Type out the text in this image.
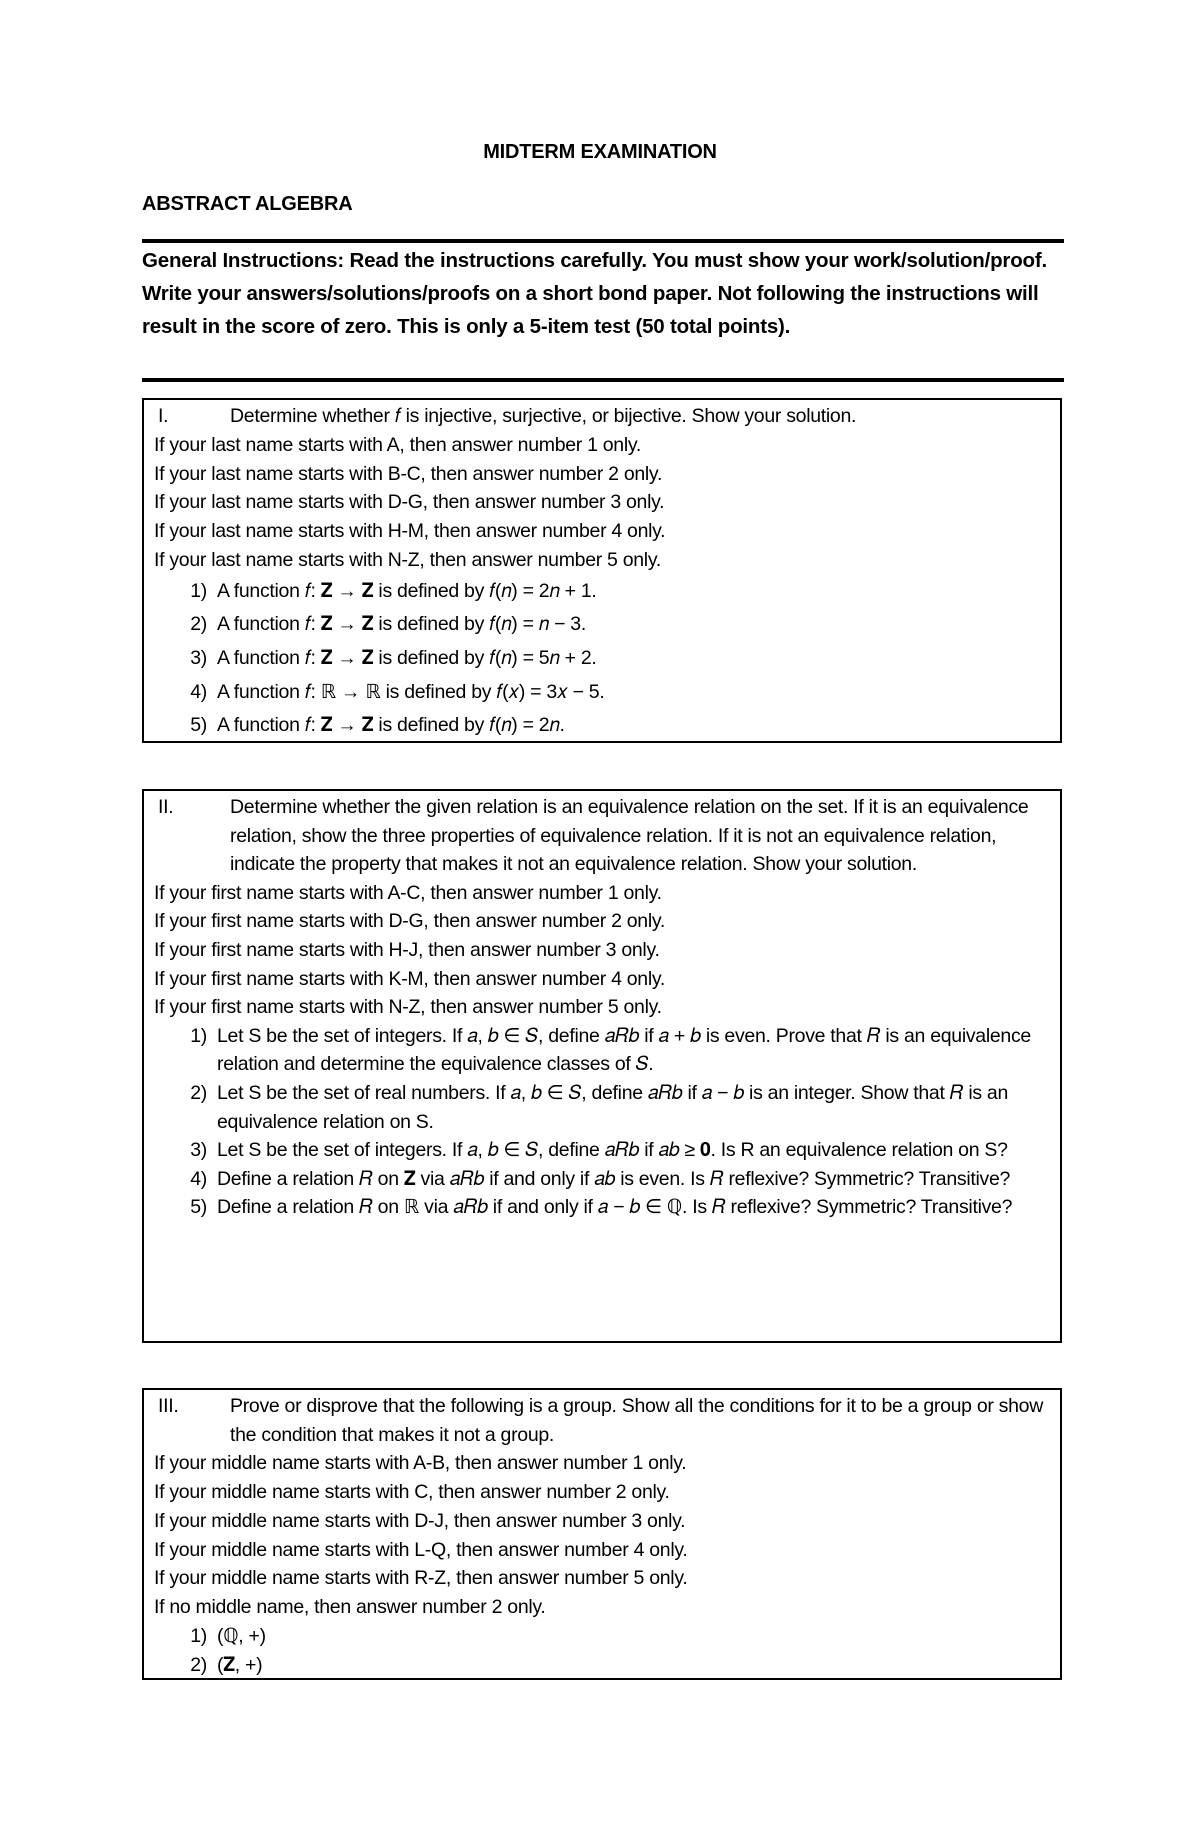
MIDTERM EXAMINATION
ABSTRACT ALGEBRA
General Instructions: Read the instructions carefully. You must show your work/solution/proof. Write your answers/solutions/proofs on a short bond paper. Not following the instructions will result in the score of zero. This is only a 5-item test (50 total points).
I.	Determine whether 𝑓 is injective, surjective, or bijective. Show your solution.
If your last name starts with A, then answer number 1 only.
If your last name starts with B-C, then answer number 2 only.
If your last name starts with D-G, then answer number 3 only.
If your last name starts with H-M, then answer number 4 only.
If your last name starts with N-Z, then answer number 5 only.
1) A function 𝑓: 𝐙 → 𝐙 is defined by 𝑓(𝑛) = 2𝑛 + 1.
2) A function 𝑓: 𝐙 → 𝐙 is defined by 𝑓(𝑛) = 𝑛 − 3.
3) A function 𝑓: 𝐙 → 𝐙 is defined by 𝑓(𝑛) = 5𝑛 + 2.
4) A function 𝑓: ℝ → ℝ is defined by 𝑓(𝑥) = 3𝑥 − 5.
5) A function 𝑓: 𝐙 → 𝐙 is defined by 𝑓(𝑛) = 2𝑛.
II.	Determine whether the given relation is an equivalence relation on the set. If it is an equivalence relation, show the three properties of equivalence relation. If it is not an equivalence relation, indicate the property that makes it not an equivalence relation. Show your solution.
If your first name starts with A-C, then answer number 1 only.
If your first name starts with D-G, then answer number 2 only.
If your first name starts with H-J, then answer number 3 only.
If your first name starts with K-M, then answer number 4 only.
If your first name starts with N-Z, then answer number 5 only.
1) Let S be the set of integers. If 𝑎, 𝑏 ∈ 𝑆, define 𝑎𝑅𝑏 if 𝑎 + 𝑏 is even. Prove that 𝑅 is an equivalence relation and determine the equivalence classes of 𝑆.
2) Let S be the set of real numbers. If 𝑎, 𝑏 ∈ 𝑆, define 𝑎𝑅𝑏 if 𝑎 − 𝑏 is an integer. Show that 𝑅 is an equivalence relation on S.
3) Let S be the set of integers. If 𝑎, 𝑏 ∈ 𝑆, define 𝑎𝑅𝑏 if 𝑎𝑏 ≥ 𝟎. Is R an equivalence relation on S?
4) Define a relation 𝑅 on 𝐙 via 𝑎𝑅𝑏 if and only if 𝑎𝑏 is even. Is 𝑅 reflexive? Symmetric? Transitive?
5) Define a relation 𝑅 on ℝ via 𝑎𝑅𝑏 if and only if 𝑎 − 𝑏 ∈ ℚ. Is 𝑅 reflexive? Symmetric? Transitive?
III.	Prove or disprove that the following is a group. Show all the conditions for it to be a group or show the condition that makes it not a group.
If your middle name starts with A-B, then answer number 1 only.
If your middle name starts with C, then answer number 2 only.
If your middle name starts with D-J, then answer number 3 only.
If your middle name starts with L-Q, then answer number 4 only.
If your middle name starts with R-Z, then answer number 5 only.
If no middle name, then answer number 2 only.
1) (ℚ, +)
2) (𝐙, +)
